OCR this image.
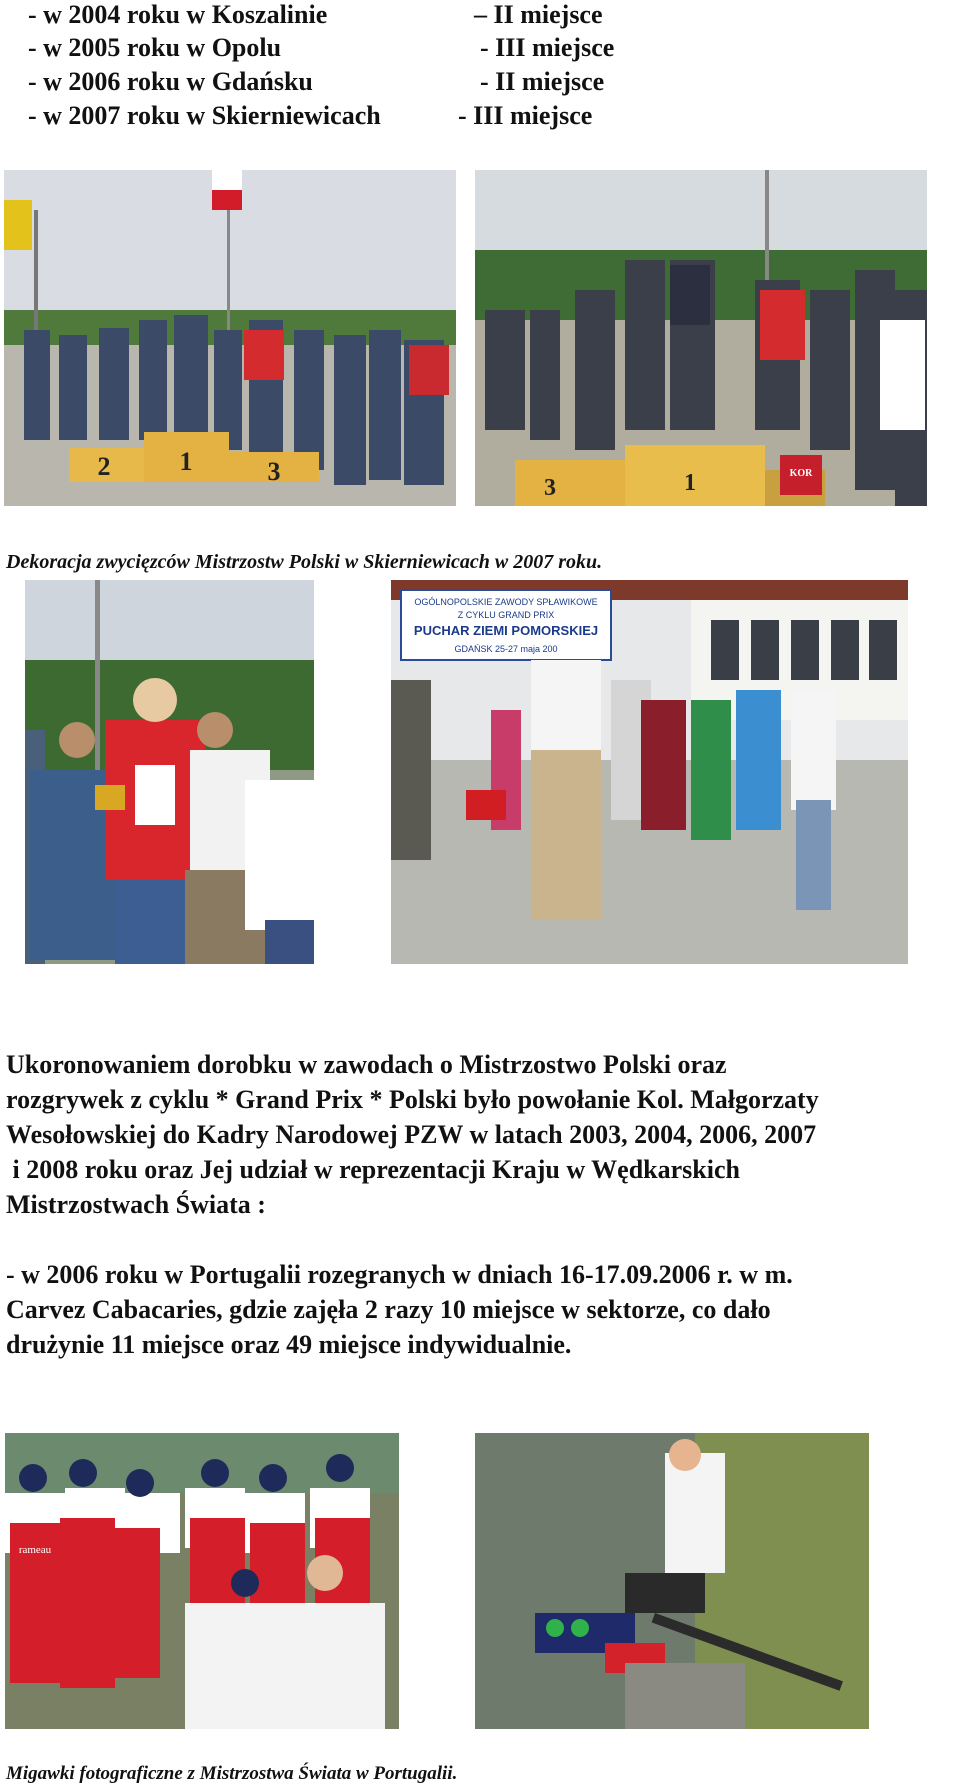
- w 2004 roku w Koszalinie	– II miejsce
- w 2005 roku w Opolu	- III miejsce
- w 2006 roku w Gdańsku	- II miejsce
- w 2007 roku w Skierniewicach	- III miejsce
2	1	3
3	1	KOR
Dekoracja zwycięzców Mistrzostw Polski w Skierniewicach w 2007 roku.
OGÓLNOPOLSKIE ZAWODY SPŁAWIKOWE
Z CYKLU GRAND PRIX
PUCHAR ZIEMI POMORSKIEJ
GDAŃSK 25-27 maja 200

Ukoronowaniem dorobku w zawodach o Mistrzostwo Polski oraz

rozgrywek z cyklu * Grand Prix * Polski było powołanie Kol. Małgorzaty

Wesołowskiej do Kadry Narodowej PZW w latach 2003, 2004, 2006, 2007

i 2008 roku oraz Jej udział w reprezentacji Kraju w Wędkarskich

Mistrzostwach Świata :

- w 2006 roku w Portugalii rozegranych w dniach 16-17.09.2006 r. w m.

Carvez Cabacaries, gdzie zajęła 2 razy 10 miejsce w sektorze, co dało

drużynie 11 miejsce oraz 49 miejsce indywidualnie.

rameau
Migawki fotograficzne z Mistrzostwa Świata w Portugalii.
